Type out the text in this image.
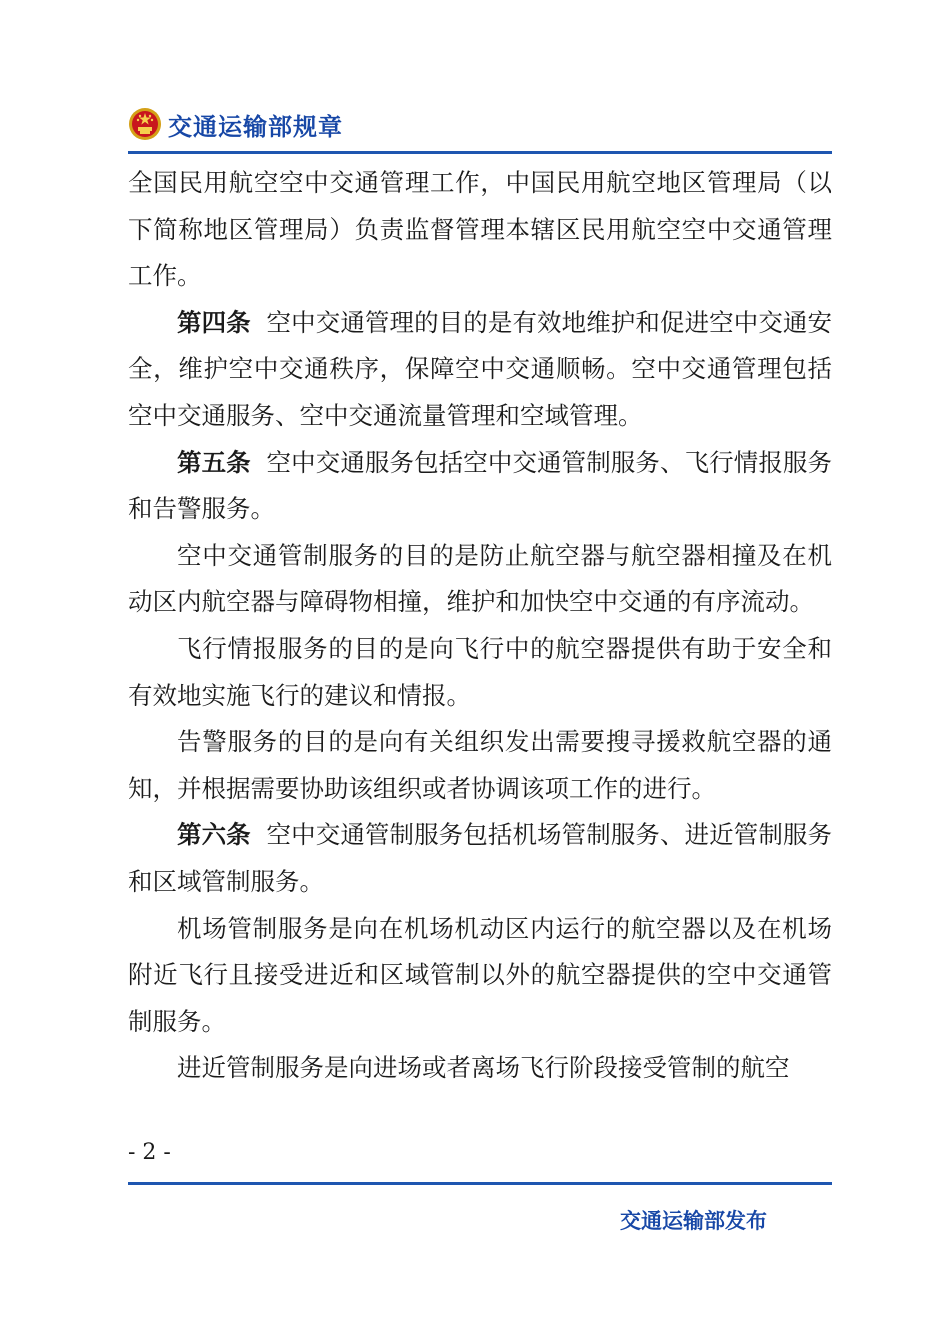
交通运输部规章

全国民用航空空中交通管理工作，中国民用航空地区管理局（以下简称地区管理局）负责监督管理本辖区民用航空空中交通管理工作。

第四条 空中交通管理的目的是有效地维护和促进空中交通安全，维护空中交通秩序，保障空中交通顺畅。空中交通管理包括空中交通服务、空中交通流量管理和空域管理。

第五条 空中交通服务包括空中交通管制服务、飞行情报服务和告警服务。

空中交通管制服务的目的是防止航空器与航空器相撞及在机动区内航空器与障碍物相撞，维护和加快空中交通的有序流动。

飞行情报服务的目的是向飞行中的航空器提供有助于安全和有效地实施飞行的建议和情报。

告警服务的目的是向有关组织发出需要搜寻援救航空器的通知，并根据需要协助该组织或者协调该项工作的进行。

第六条 空中交通管制服务包括机场管制服务、进近管制服务和区域管制服务。

机场管制服务是向在机场机动区内运行的航空器以及在机场附近飞行且接受进近和区域管制以外的航空器提供的空中交通管制服务。

进近管制服务是向进场或者离场飞行阶段接受管制的航空

- 2 -
交通运输部发布
